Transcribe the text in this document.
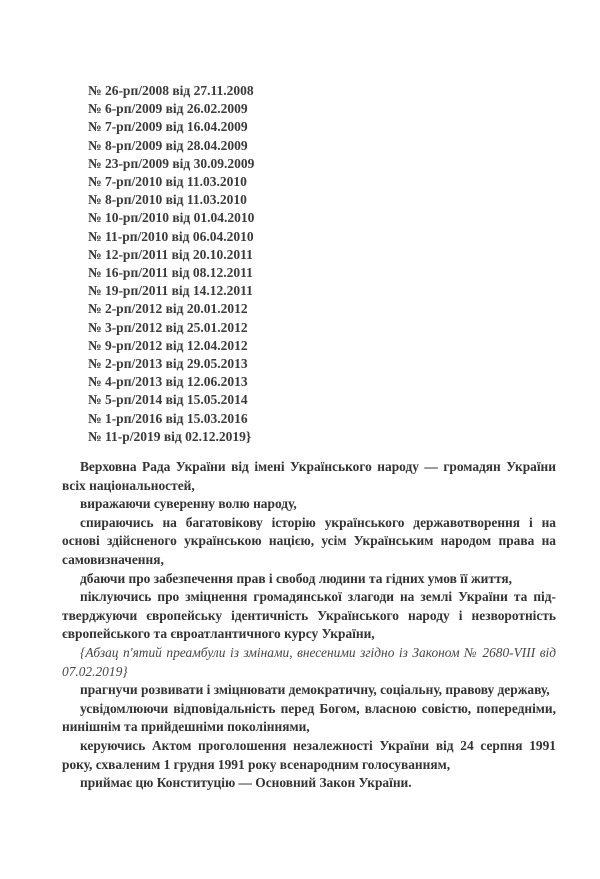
№ 26-рп/2008 від 27.11.2008
№ 6-рп/2009 від 26.02.2009
№ 7-рп/2009 від 16.04.2009
№ 8-рп/2009 від 28.04.2009
№ 23-рп/2009 від 30.09.2009
№ 7-рп/2010 від 11.03.2010
№ 8-рп/2010 від 11.03.2010
№ 10-рп/2010 від 01.04.2010
№ 11-рп/2010 від 06.04.2010
№ 12-рп/2011 від 20.10.2011
№ 16-рп/2011 від 08.12.2011
№ 19-рп/2011 від 14.12.2011
№ 2-рп/2012 від 20.01.2012
№ 3-рп/2012 від 25.01.2012
№ 9-рп/2012 від 12.04.2012
№ 2-рп/2013 від 29.05.2013
№ 4-рп/2013 від 12.06.2013
№ 5-рп/2014 від 15.05.2014
№ 1-рп/2016 від 15.03.2016
№ 11-р/2019 від 02.12.2019}
Верховна Рада України від імені Українського народу — громадян України
всіх національностей,
виражаючи суверенну волю народу,
спираючись на багатовікову історію українського державотворення і на
основі здійсненого українською нацією, усім Українським народом права на
самовизначення,
дбаючи про забезпечення прав і свобод людини та гідних умов її життя,
піклуючись про зміцнення громадянської злагоди на землі України та під-
тверджуючи європейську ідентичність Українського народу і незворотність
європейського та євроатлантичного курсу України,
{Абзац п'ятий преамбули із змінами, внесеними згідно із Законом № 2680-VIII від
07.02.2019}
прагнучи розвивати і зміцнювати демократичну, соціальну, правову державу,
усвідомлюючи відповідальність перед Богом, власною совістю, попередніми,
нинішнім та прийдешніми поколіннями,
керуючись Актом проголошення незалежності України від 24 серпня 1991
року, схваленим 1 грудня 1991 року всенародним голосуванням,
приймає цю Конституцію — Основний Закон України.
